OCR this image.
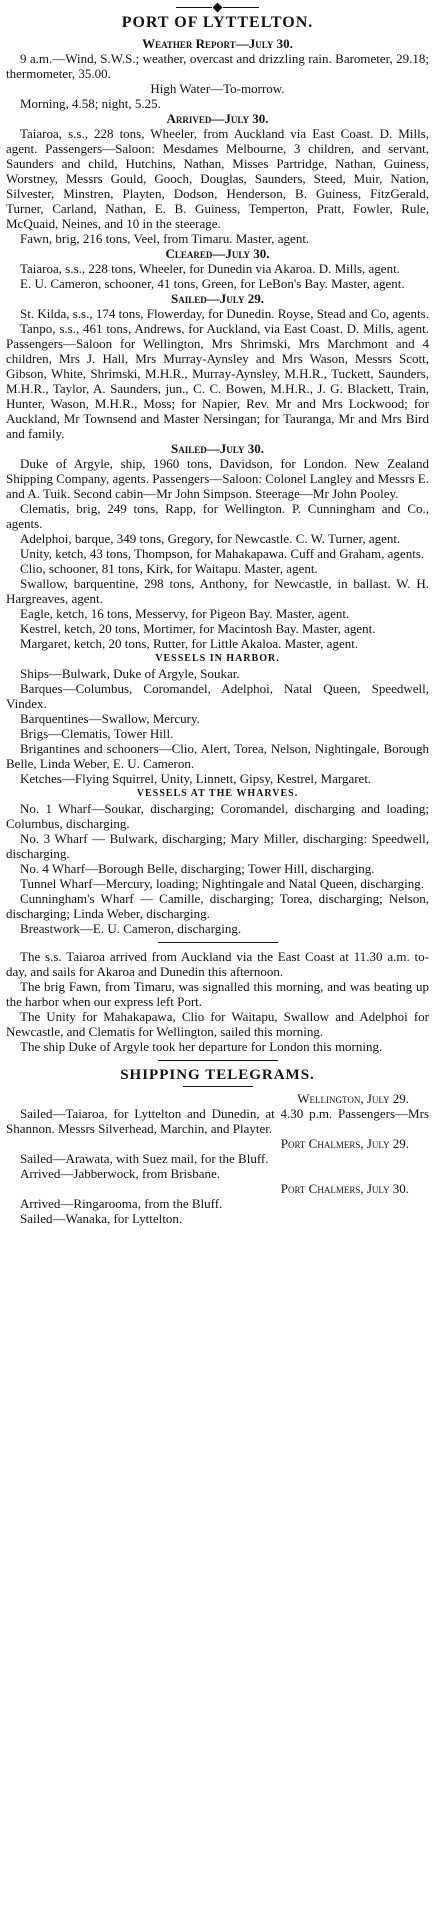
PORT OF LYTTELTON.
Weather Report—July 30.

9 a.m.—Wind, S.W.S.; weather, overcast and drizzling rain. Barometer, 29.18; thermometer, 35.00.

High Water—To-morrow.

Morning, 4.58; night, 5.25.

Arrived—July 30.

Taiaroa, s.s., 228 tons, Wheeler, from Auckland via East Coast. D. Mills, agent. Passengers—Saloon: Mesdames Melbourne, 3 children, and servant, Saunders and child, Hutchins, Nathan, Misses Partridge, Nathan, Guiness, Worstney, Messrs Gould, Gooch, Douglas, Saunders, Steed, Muir, Nation, Silvester, Minstren, Playten, Dodson, Henderson, B. Guiness, FitzGerald, Turner, Carland, Nathan, E. B. Guiness, Temperton, Pratt, Fowler, Rule, McQuaid, Neines, and 10 in the steerage.

Fawn, brig, 216 tons, Veel, from Timaru. Master, agent.

Cleared—July 30.

Taiaroa, s.s., 228 tons, Wheeler, for Dunedin via Akaroa. D. Mills, agent.

E. U. Cameron, schooner, 41 tons, Green, for LeBon's Bay. Master, agent.

Sailed—July 29.

St. Kilda, s.s., 174 tons, Flowerday, for Dunedin. Royse, Stead and Co, agents.

Tanpo, s.s., 461 tons, Andrews, for Auckland, via East Coast. D. Mills, agent. Passengers—Saloon for Wellington, Mrs Shrimski, Mrs Marchmont and 4 children, Mrs J. Hall, Mrs Murray-Aynsley and Mrs Wason, Messrs Scott, Gibson, White, Shrimski, M.H.R., Murray-Aynsley, M.H.R., Tuckett, Saunders, M.H.R., Taylor, A. Saunders, jun., C. C. Bowen, M.H.R., J. G. Blackett, Train, Hunter, Wason, M.H.R., Moss; for Napier, Rev. Mr and Mrs Lockwood; for Auckland, Mr Townsend and Master Nersingan; for Tauranga, Mr and Mrs Bird and family.

Sailed—July 30.

Duke of Argyle, ship, 1960 tons, Davidson, for London. New Zealand Shipping Company, agents. Passengers—Saloon: Colonel Langley and Messrs E. and A. Tuik. Second cabin—Mr John Simpson. Steerage—Mr John Pooley.

Clematis, brig, 249 tons, Rapp, for Wellington. P. Cunningham and Co., agents.

Adelphoi, barque, 349 tons, Gregory, for Newcastle. C. W. Turner, agent.

Unity, ketch, 43 tons, Thompson, for Mahakapawa. Cuff and Graham, agents.

Clio, schooner, 81 tons, Kirk, for Waitapu. Master, agent.

Swallow, barquentine, 298 tons, Anthony, for Newcastle, in ballast. W. H. Hargreaves, agent.

Eagle, ketch, 16 tons, Messervy, for Pigeon Bay. Master, agent.

Kestrel, ketch, 20 tons, Mortimer, for Macintosh Bay. Master, agent.

Margaret, ketch, 20 tons, Rutter, for Little Akaloa. Master, agent.

VESSELS IN HARBOR.

Ships—Bulwark, Duke of Argyle, Soukar.

Barques—Columbus, Coromandel, Adelphoi, Natal Queen, Speedwell, Vindex.

Barquentines—Swallow, Mercury.

Brigs—Clematis, Tower Hill.

Brigantines and schooners—Clio, Alert, Torea, Nelson, Nightingale, Borough Belle, Linda Weber, E. U. Cameron.

Ketches—Flying Squirrel, Unity, Linnett, Gipsy, Kestrel, Margaret.

VESSELS AT THE WHARVES.

No. 1 Wharf—Soukar, discharging; Coromandel, discharging and loading; Columbus, discharging.

No. 3 Wharf — Bulwark, discharging; Mary Miller, discharging: Speedwell, discharging.

No. 4 Wharf—Borough Belle, discharging; Tower Hill, discharging.

Tunnel Wharf—Mercury, loading; Nightingale and Natal Queen, discharging.

Cunningham's Wharf — Camille, discharging; Torea, discharging; Nelson, discharging; Linda Weber, discharging.

Breastwork—E. U. Cameron, discharging.

The s.s. Taiaroa arrived from Auckland via the East Coast at 11.30 a.m. to-day, and sails for Akaroa and Dunedin this afternoon.

The brig Fawn, from Timaru, was signalled this morning, and was beating up the harbor when our express left Port.

The Unity for Mahakapawa, Clio for Waitapu, Swallow and Adelphoi for Newcastle, and Clematis for Wellington, sailed this morning.

The ship Duke of Argyle took her departure for London this morning.

SHIPPING TELEGRAMS.
Wellington, July 29.

Sailed—Taiaroa, for Lyttelton and Dunedin, at 4.30 p.m. Passengers—Mrs Shannon. Messrs Silverhead, Marchin, and Playter.

Port Chalmers, July 29.

Sailed—Arawata, with Suez mail, for the Bluff.

Arrived—Jabberwock, from Brisbane.

Port Chalmers, July 30.

Arrived—Ringarooma, from the Bluff.

Sailed—Wanaka, for Lyttelton.
